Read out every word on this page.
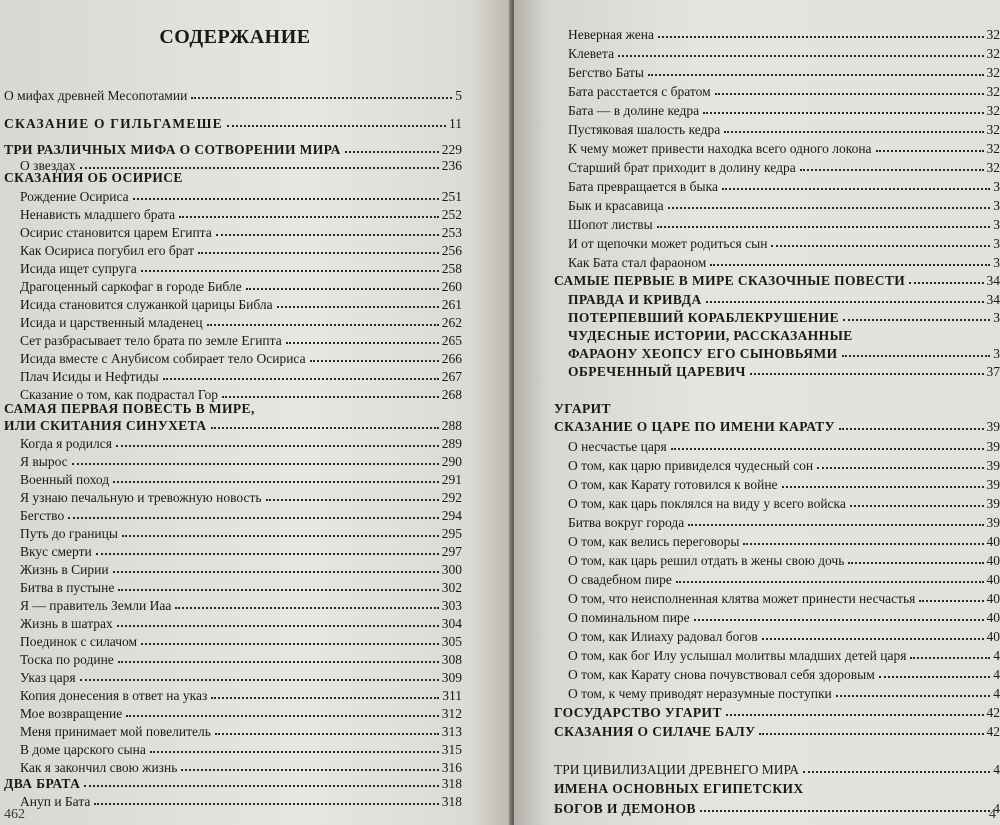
СОДЕРЖАНИЕ
О мифах древней Месопотамии	5
СКАЗАНИЕ О ГИЛЬГАМЕШЕ	11
ТРИ РАЗЛИЧНЫХ МИФА О СОТВОРЕНИИ МИРА	229
О звездах	236
СКАЗАНИЯ ОБ ОСИРИСЕ
Рождение Осириса	251
Ненависть младшего брата	252
Осирис становится царем Египта	253
Как Осириса погубил его брат	256
Исида ищет супруга	258
Драгоценный саркофаг в городе Библе	260
Исида становится служанкой царицы Библа	261
Исида и царственный младенец	262
Сет разбрасывает тело брата по земле Египта	265
Исида вместе с Анубисом собирает тело Осириса	266
Плач Исиды и Нефтиды	267
Сказание о том, как подрастал Гор	268
САМАЯ ПЕРВАЯ ПОВЕСТЬ В МИРЕ,
ИЛИ СКИТАНИЯ СИНУХЕТА	288
Когда я родился	289
Я вырос	290
Военный поход	291
Я узнаю печальную и тревожную новость	292
Бегство	294
Путь до границы	295
Вкус смерти	297
Жизнь в Сирии	300
Битва в пустыне	302
Я — правитель Земли Иаа	303
Жизнь в шатрах	304
Поединок с силачом	305
Тоска по родине	308
Указ царя	309
Копия донесения в ответ на указ	311
Мое возвращение	312
Меня принимает мой повелитель	313
В доме царского сына	315
Как я закончил свою жизнь	316
ДВА БРАТА	318
Ануп и Бата	318
462
Неверная жена	32
Клевета	32
Бегство Баты	32
Бата расстается с братом	32
Бата — в долине кедра	32
Пустяковая шалость кедра	32
К чему может привести находка всего одного локона	32
Старший брат приходит в долину кедра	32
Бата превращается в быка	3
Бык и красавица	3
Шопот листвы	3
И от щепочки может родиться сын	3
Как Бата стал фараоном	3
САМЫЕ ПЕРВЫЕ В МИРЕ СКАЗОЧНЫЕ ПОВЕСТИ	34
ПРАВДА И КРИВДА	34
ПОТЕРПЕВШИЙ КОРАБЛЕКРУШЕНИЕ	3
ЧУДЕСНЫЕ ИСТОРИИ, РАССКАЗАННЫЕ
ФАРАОНУ ХЕОПСУ ЕГО СЫНОВЬЯМИ	3
ОБРЕЧЕННЫЙ ЦАРЕВИЧ	37
УГАРИТ
СКАЗАНИЕ О ЦАРЕ ПО ИМЕНИ КАРАТУ	39
О несчастье царя	39
О том, как царю привиделся чудесный сон	39
О том, как Карату готовился к войне	39
О том, как царь поклялся на виду у всего войска	39
Битва вокруг города	39
О том, как велись переговоры	40
О том, как царь решил отдать в жены свою дочь	40
О свадебном пире	40
О том, что неисполненная клятва может принести несчастья	40
О поминальном пире	40
О том, как Илиаху радовал богов	40
О том, как бог Илу услышал молитвы младших детей царя	4
О том, как Карату снова почувствовал себя здоровым	4
О том, к чему приводят неразумные поступки	4
ГОСУДАРСТВО УГАРИТ	42
СКАЗАНИЯ О СИЛАЧЕ БАЛУ	42
ТРИ ЦИВИЛИЗАЦИИ ДРЕВНЕГО МИРА	4
ИМЕНА ОСНОВНЫХ ЕГИПЕТСКИХ
БОГОВ И ДЕМОНОВ	4
4
